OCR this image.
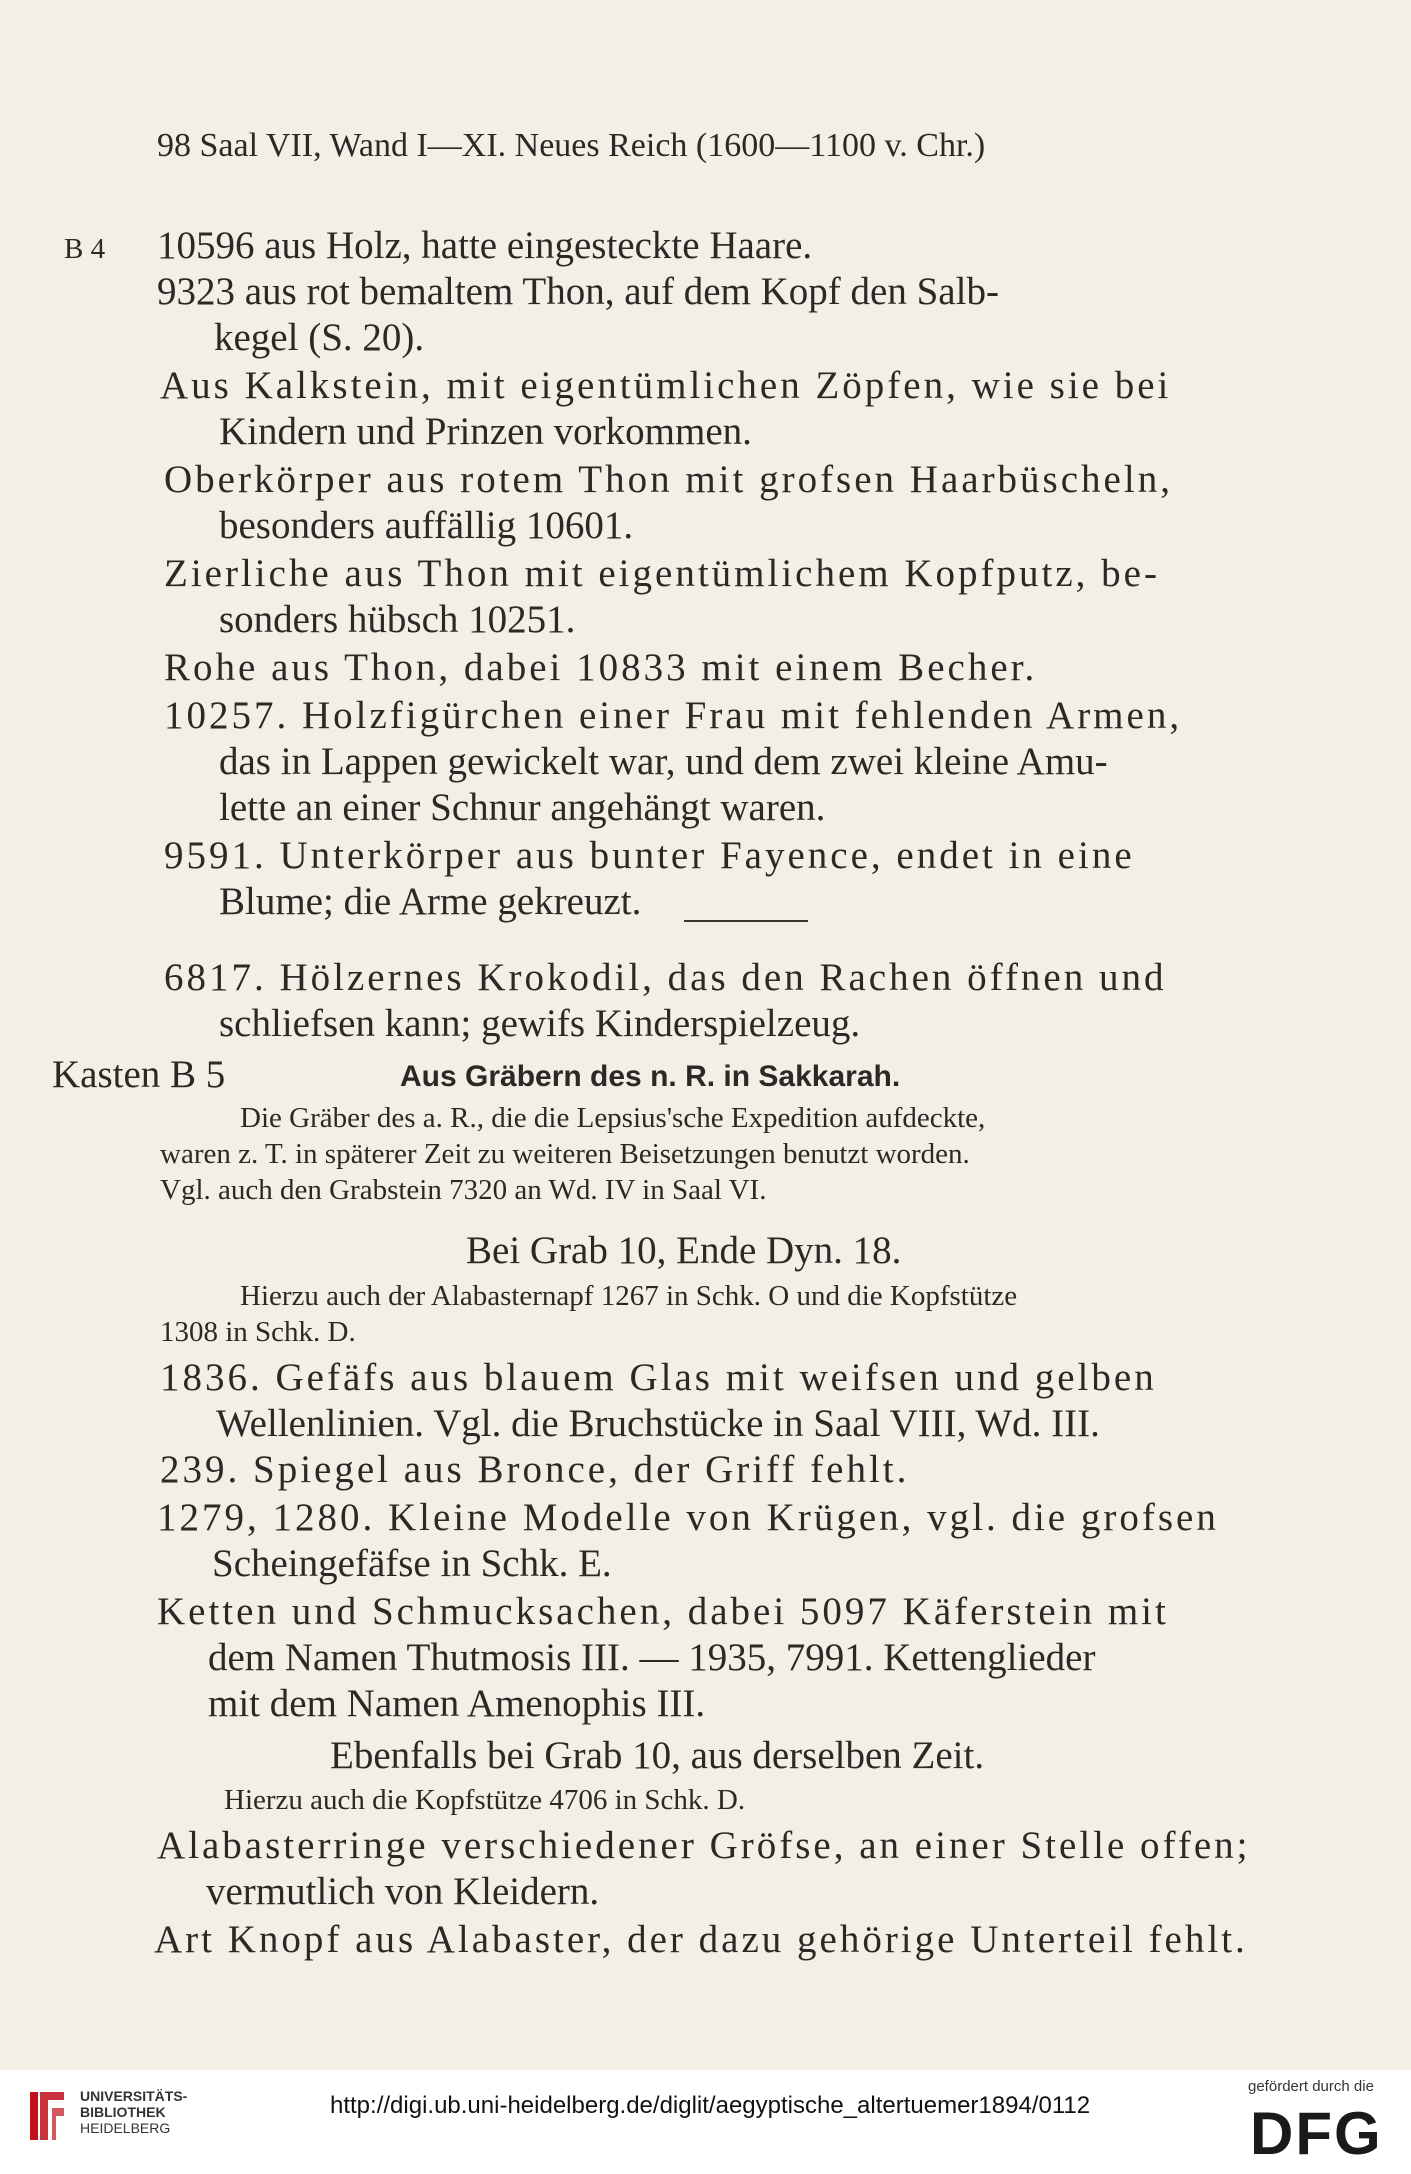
98 Saal VII, Wand I—XI. Neues Reich (1600—1100 v. Chr.)
B 4 10596 aus Holz, hatte eingesteckte Haare.
9323 aus rot bemaltem Thon, auf dem Kopf den Salb-
kegel (S. 20).
Aus Kalkstein, mit eigentümlichen Zöpfen, wie sie bei
Kindern und Prinzen vorkommen.
Oberkörper aus rotem Thon mit grofsen Haarbüscheln,
besonders auffällig 10601.
Zierliche aus Thon mit eigentümlichem Kopfputz, be-
sonders hübsch 10251.
Rohe aus Thon, dabei 10833 mit einem Becher.
10257. Holzfigürchen einer Frau mit fehlenden Armen,
das in Lappen gewickelt war, und dem zwei kleine Amu-
lette an einer Schnur angehängt waren.
9591. Unterkörper aus bunter Fayence, endet in eine
Blume; die Arme gekreuzt.
6817. Hölzernes Krokodil, das den Rachen öffnen und
schliefsen kann; gewifs Kinderspielzeug.
Kasten B 5	Aus Gräbern des n. R. in Sakkarah.
Die Gräber des a. R., die die Lepsius'sche Expedition aufdeckte,
waren z. T. in späterer Zeit zu weiteren Beisetzungen benutzt worden.
Vgl. auch den Grabstein 7320 an Wd. IV in Saal VI.
Bei Grab 10, Ende Dyn. 18.
Hierzu auch der Alabasternapf 1267 in Schk. O und die Kopfstütze
1308 in Schk. D.
1836. Gefäfs aus blauem Glas mit weifsen und gelben
Wellenlinien. Vgl. die Bruchstücke in Saal VIII, Wd. III.
239. Spiegel aus Bronce, der Griff fehlt.
1279, 1280. Kleine Modelle von Krügen, vgl. die grofsen
Scheingefäfse in Schk. E.
Ketten und Schmucksachen, dabei 5097 Käferstein mit
dem Namen Thutmosis III. — 1935, 7991. Kettenglieder
mit dem Namen Amenophis III.
Ebenfalls bei Grab 10, aus derselben Zeit.
Hierzu auch die Kopfstütze 4706 in Schk. D.
Alabasterringe verschiedener Gröfse, an einer Stelle offen;
vermutlich von Kleidern.
Art Knopf aus Alabaster, der dazu gehörige Unterteil fehlt.
UNIVERSITÄTS-
BIBLIOTHEK
HEIDELBERG
http://digi.ub.uni-heidelberg.de/diglit/aegyptische_altertuemer1894/0112
gefördert durch die
DFG
